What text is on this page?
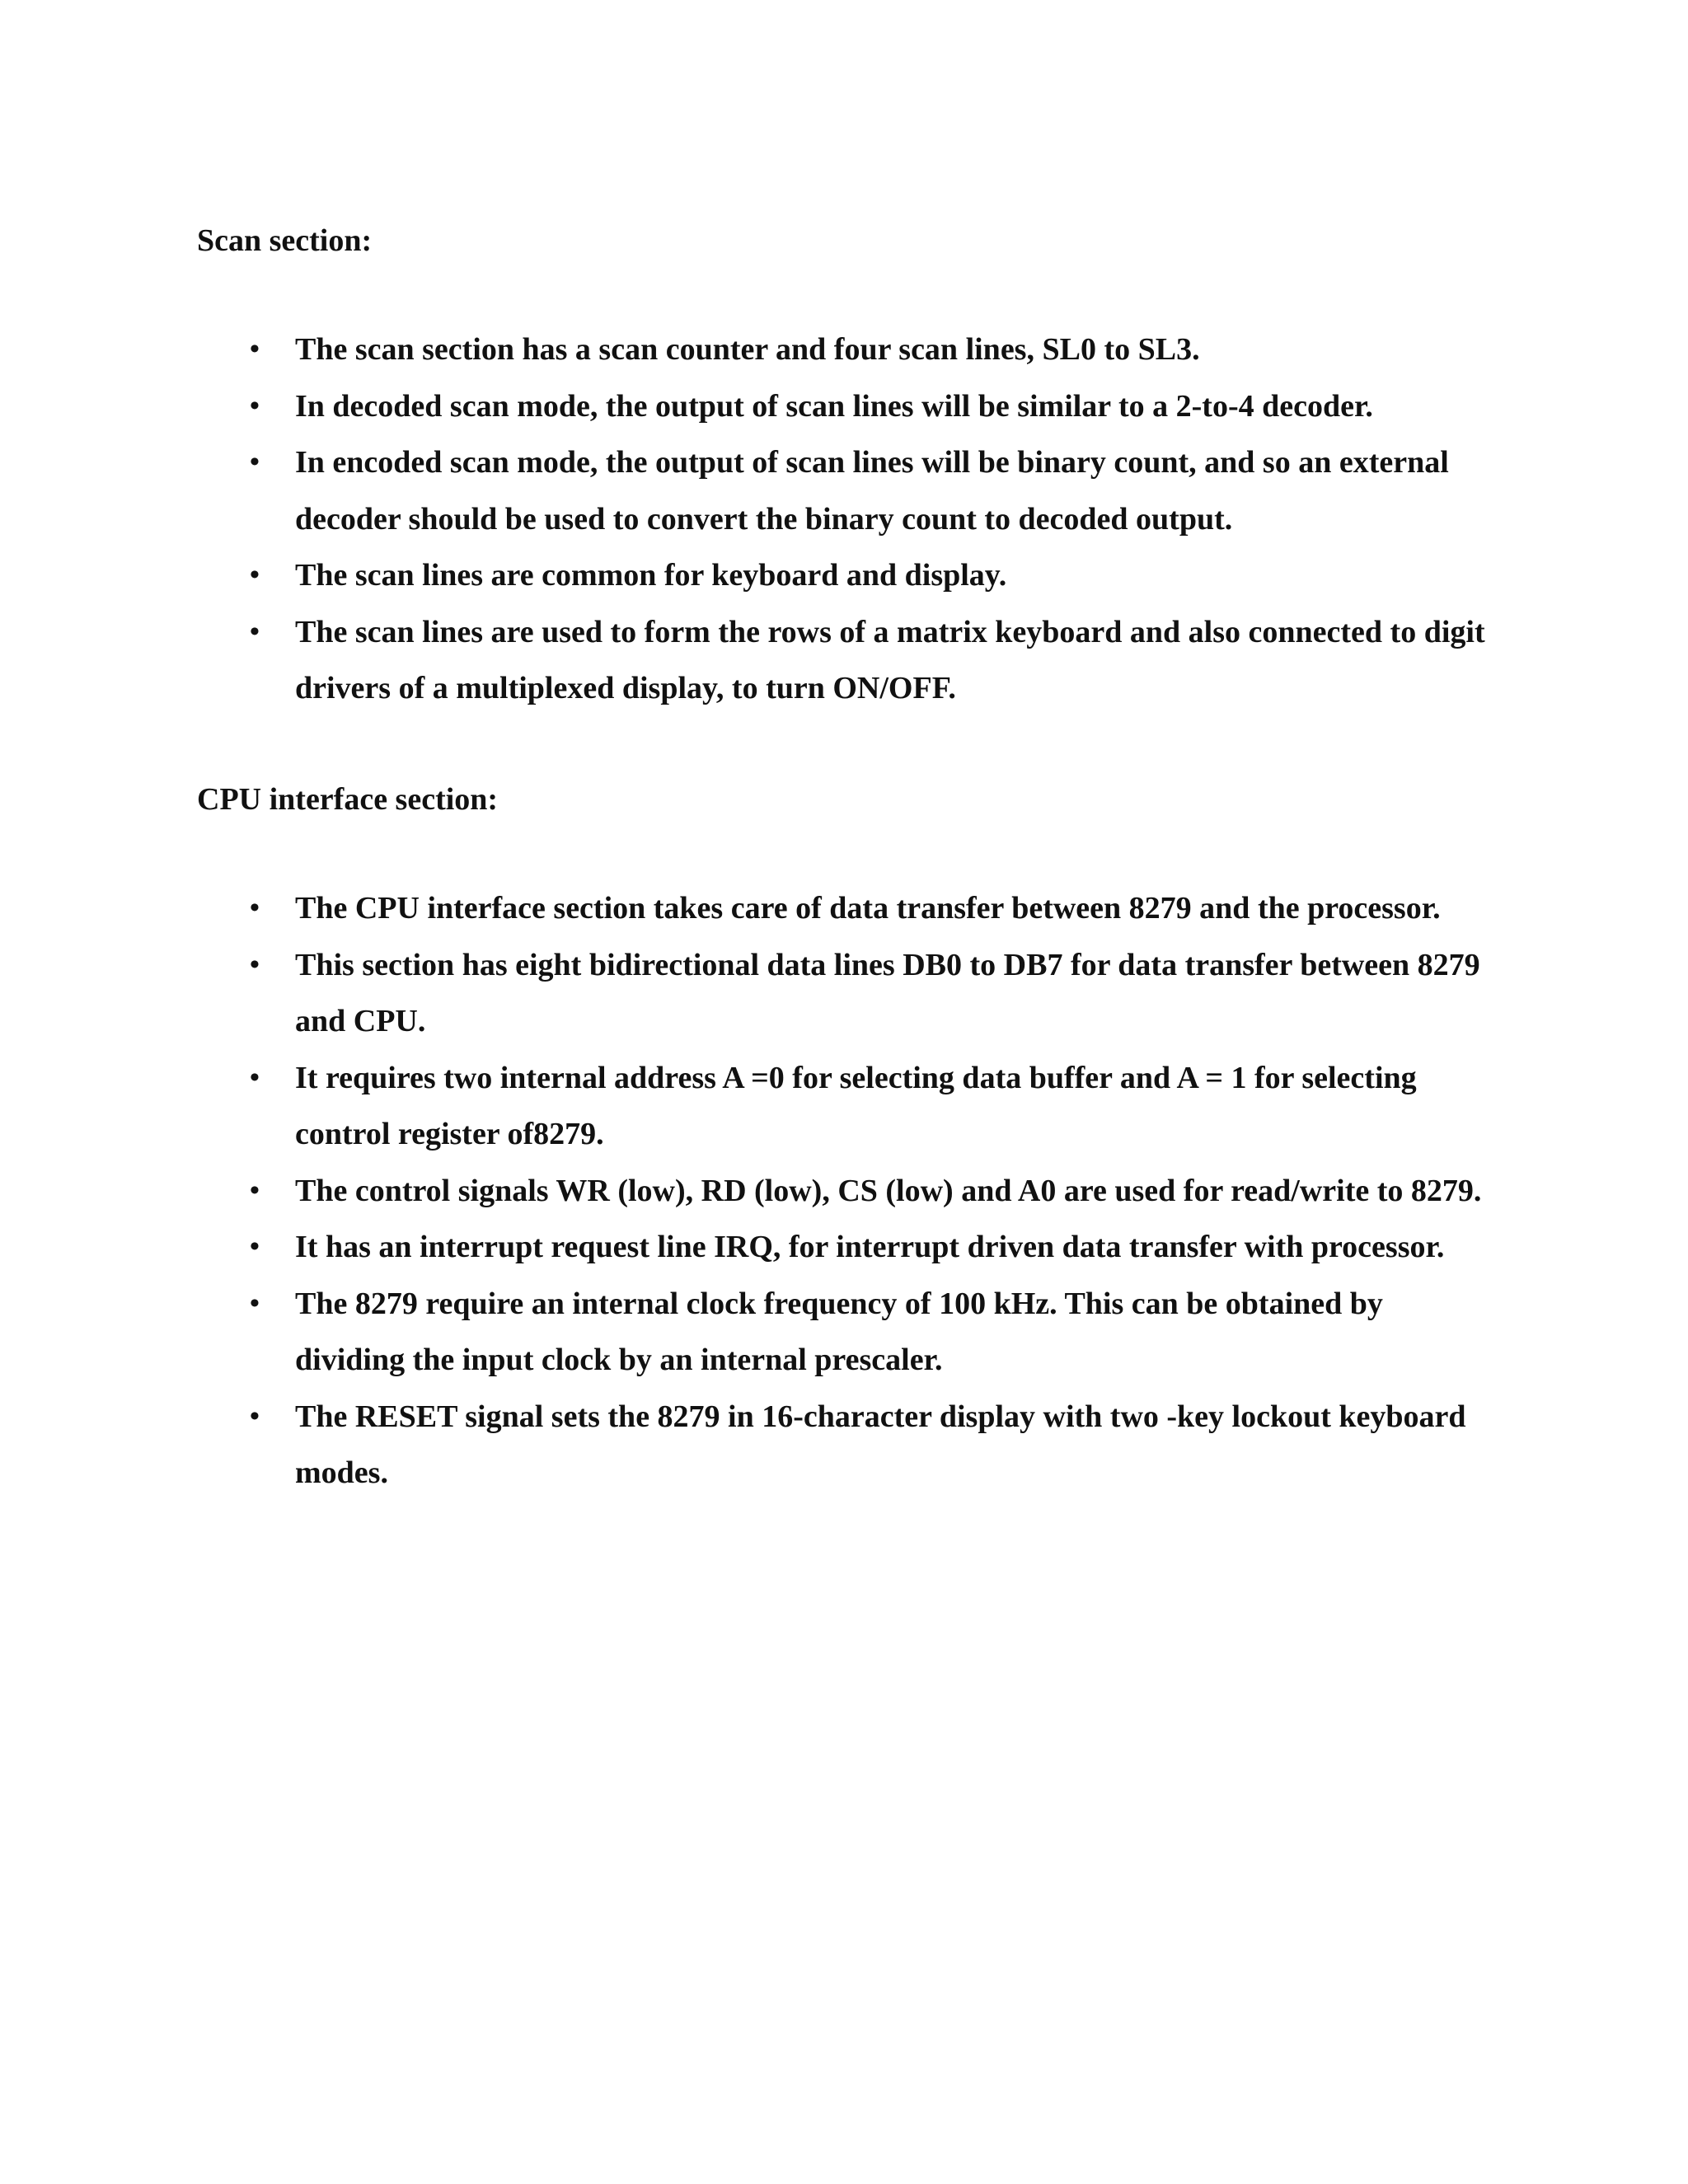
Scan section:
• The scan section has a scan counter and four scan lines, SL0 to SL3.
• In decoded scan mode, the output of scan lines will be similar to a 2-to-4 decoder.
• In encoded scan mode, the output of scan lines will be binary count, and so an external decoder should be used to convert the binary count to decoded output.
• The scan lines are common for keyboard and display.
• The scan lines are used to form the rows of a matrix keyboard and also connected to digit drivers of a multiplexed display, to turn ON/OFF.
CPU interface section:
• The CPU interface section takes care of data transfer between 8279 and the processor.
• This section has eight bidirectional data lines DB0 to DB7 for data transfer between 8279 and CPU.
• It requires two internal address A =0 for selecting data buffer and A = 1 for selecting control register of8279.
• The control signals WR (low), RD (low), CS (low) and A0 are used for read/write to 8279.
• It has an interrupt request line IRQ, for interrupt driven data transfer with processor.
• The 8279 require an internal clock frequency of 100 kHz. This can be obtained by dividing the input clock by an internal prescaler.
• The RESET signal sets the 8279 in 16-character display with two -key lockout keyboard modes.
